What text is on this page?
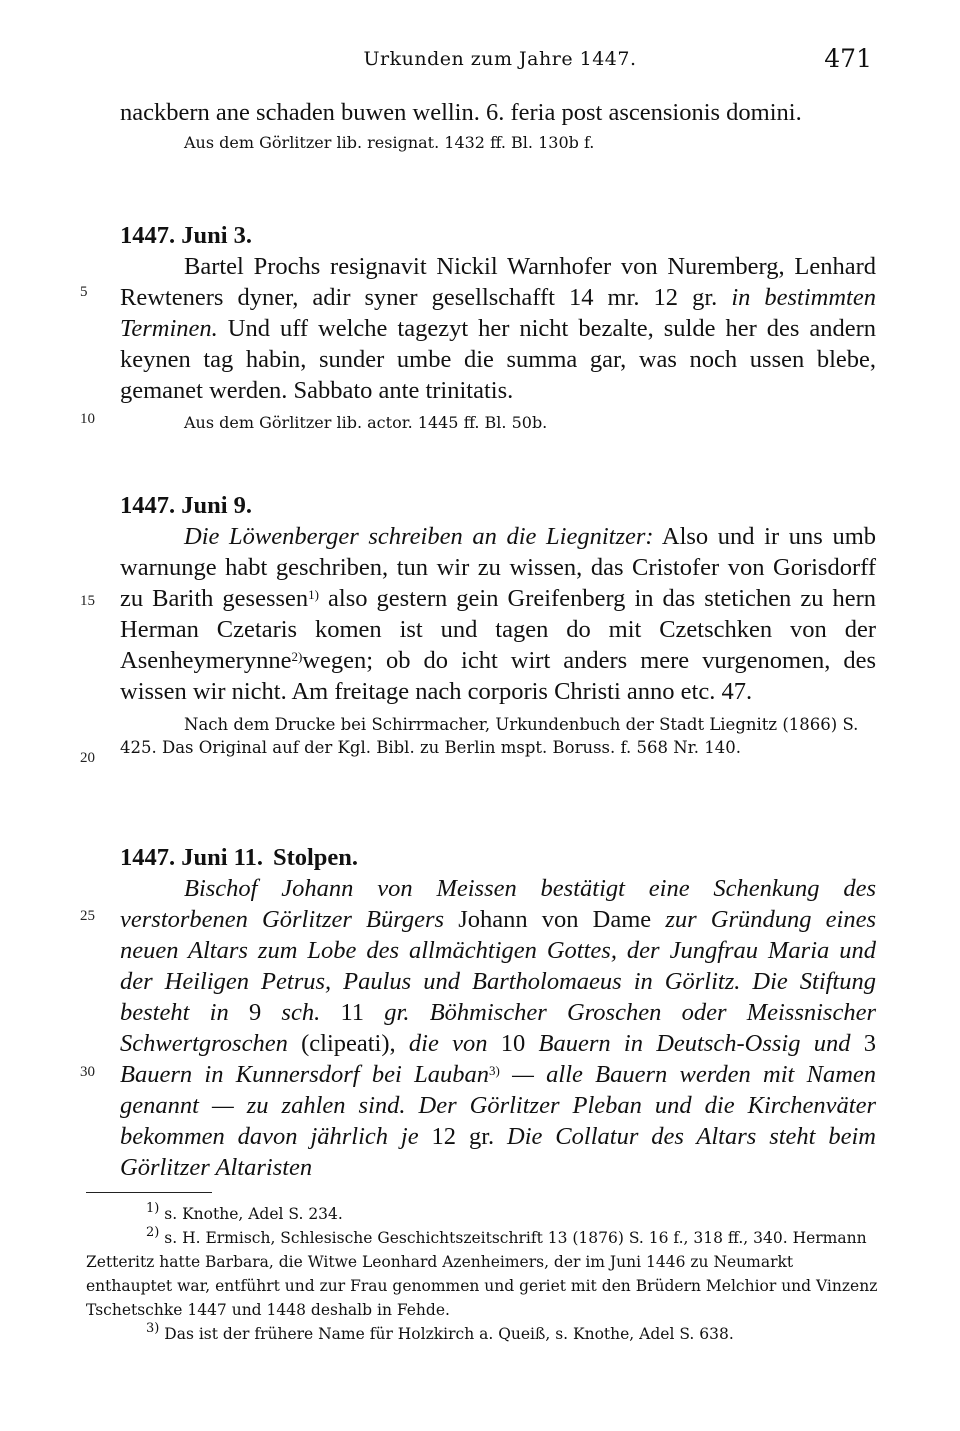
Urkunden zum Jahre 1447.	471
5
10
15
20
25
30

nackbern ane schaden buwen wellin. 6. feria post ascensionis domini.

Aus dem Görlitzer lib. resignat. 1432 ff. Bl. 130b f.

1447. Juni 3.

Bartel Prochs resignavit Nickil Warnhofer von Nuremberg, Lenhard Rewteners dyner, adir syner gesellschafft 14 mr. 12 gr. in bestimmten Terminen. Und uff welche tagezyt her nicht bezalte, sulde her des andern keynen tag habin, sunder umbe die summa gar, was noch ussen blebe, gemanet werden. Sabbato ante trinitatis.

Aus dem Görlitzer lib. actor. 1445 ff. Bl. 50b.

1447. Juni 9.

Die Löwenberger schreiben an die Liegnitzer: Also und ir uns umb warnunge habt geschriben, tun wir zu wissen, das Cristofer von Gorisdorff zu Barith gesessen$^{1)}$ also gestern gein Greifenberg in das stetichen zu hern Herman Czetaris komen ist und tagen do mit Czetschken von der Asenheymerynne$^{2)}$wegen; ob do icht wirt anders mere vurgenomen, des wissen wir nicht. Am freitage nach corporis Christi anno etc. 47.

Nach dem Drucke bei Schirrmacher, Urkundenbuch der Stadt Liegnitz (1866) S. 425. Das Original auf der Kgl. Bibl. zu Berlin mspt. Boruss. f. 568 Nr. 140.

1447. Juni 11. Stolpen.

Bischof Johann von Meissen bestätigt eine Schenkung des verstorbenen Görlitzer Bürgers Johann von Dame zur Gründung eines neuen Altars zum Lobe des allmächtigen Gottes, der Jungfrau Maria und der Heiligen Petrus, Paulus und Bartholomaeus in Görlitz. Die Stiftung besteht in 9 sch. 11 gr. Böhmischer Groschen oder Meissnischer Schwertgroschen (clipeati), die von 10 Bauern in Deutsch-Ossig und 3 Bauern in Kunnersdorf bei Lauban$^{3)}$ — alle Bauern werden mit Namen genannt — zu zahlen sind. Der Görlitzer Pleban und die Kirchenväter bekommen davon jährlich je 12 gr. Die Collatur des Altars steht beim Görlitzer Altaristen

$^{1)}$ s. Knothe, Adel S. 234.

$^{2)}$ s. H. Ermisch, Schlesische Geschichtszeitschrift 13 (1876) S. 16 f., 318 ff., 340. Hermann Zetteritz hatte Barbara, die Witwe Leonhard Azenheimers, der im Juni 1446 zu Neumarkt enthauptet war, entführt und zur Frau genommen und geriet mit den Brüdern Melchior und Vinzenz Tschetschke 1447 und 1448 deshalb in Fehde.

$^{3)}$ Das ist der frühere Name für Holzkirch a. Queiß, s. Knothe, Adel S. 638.
